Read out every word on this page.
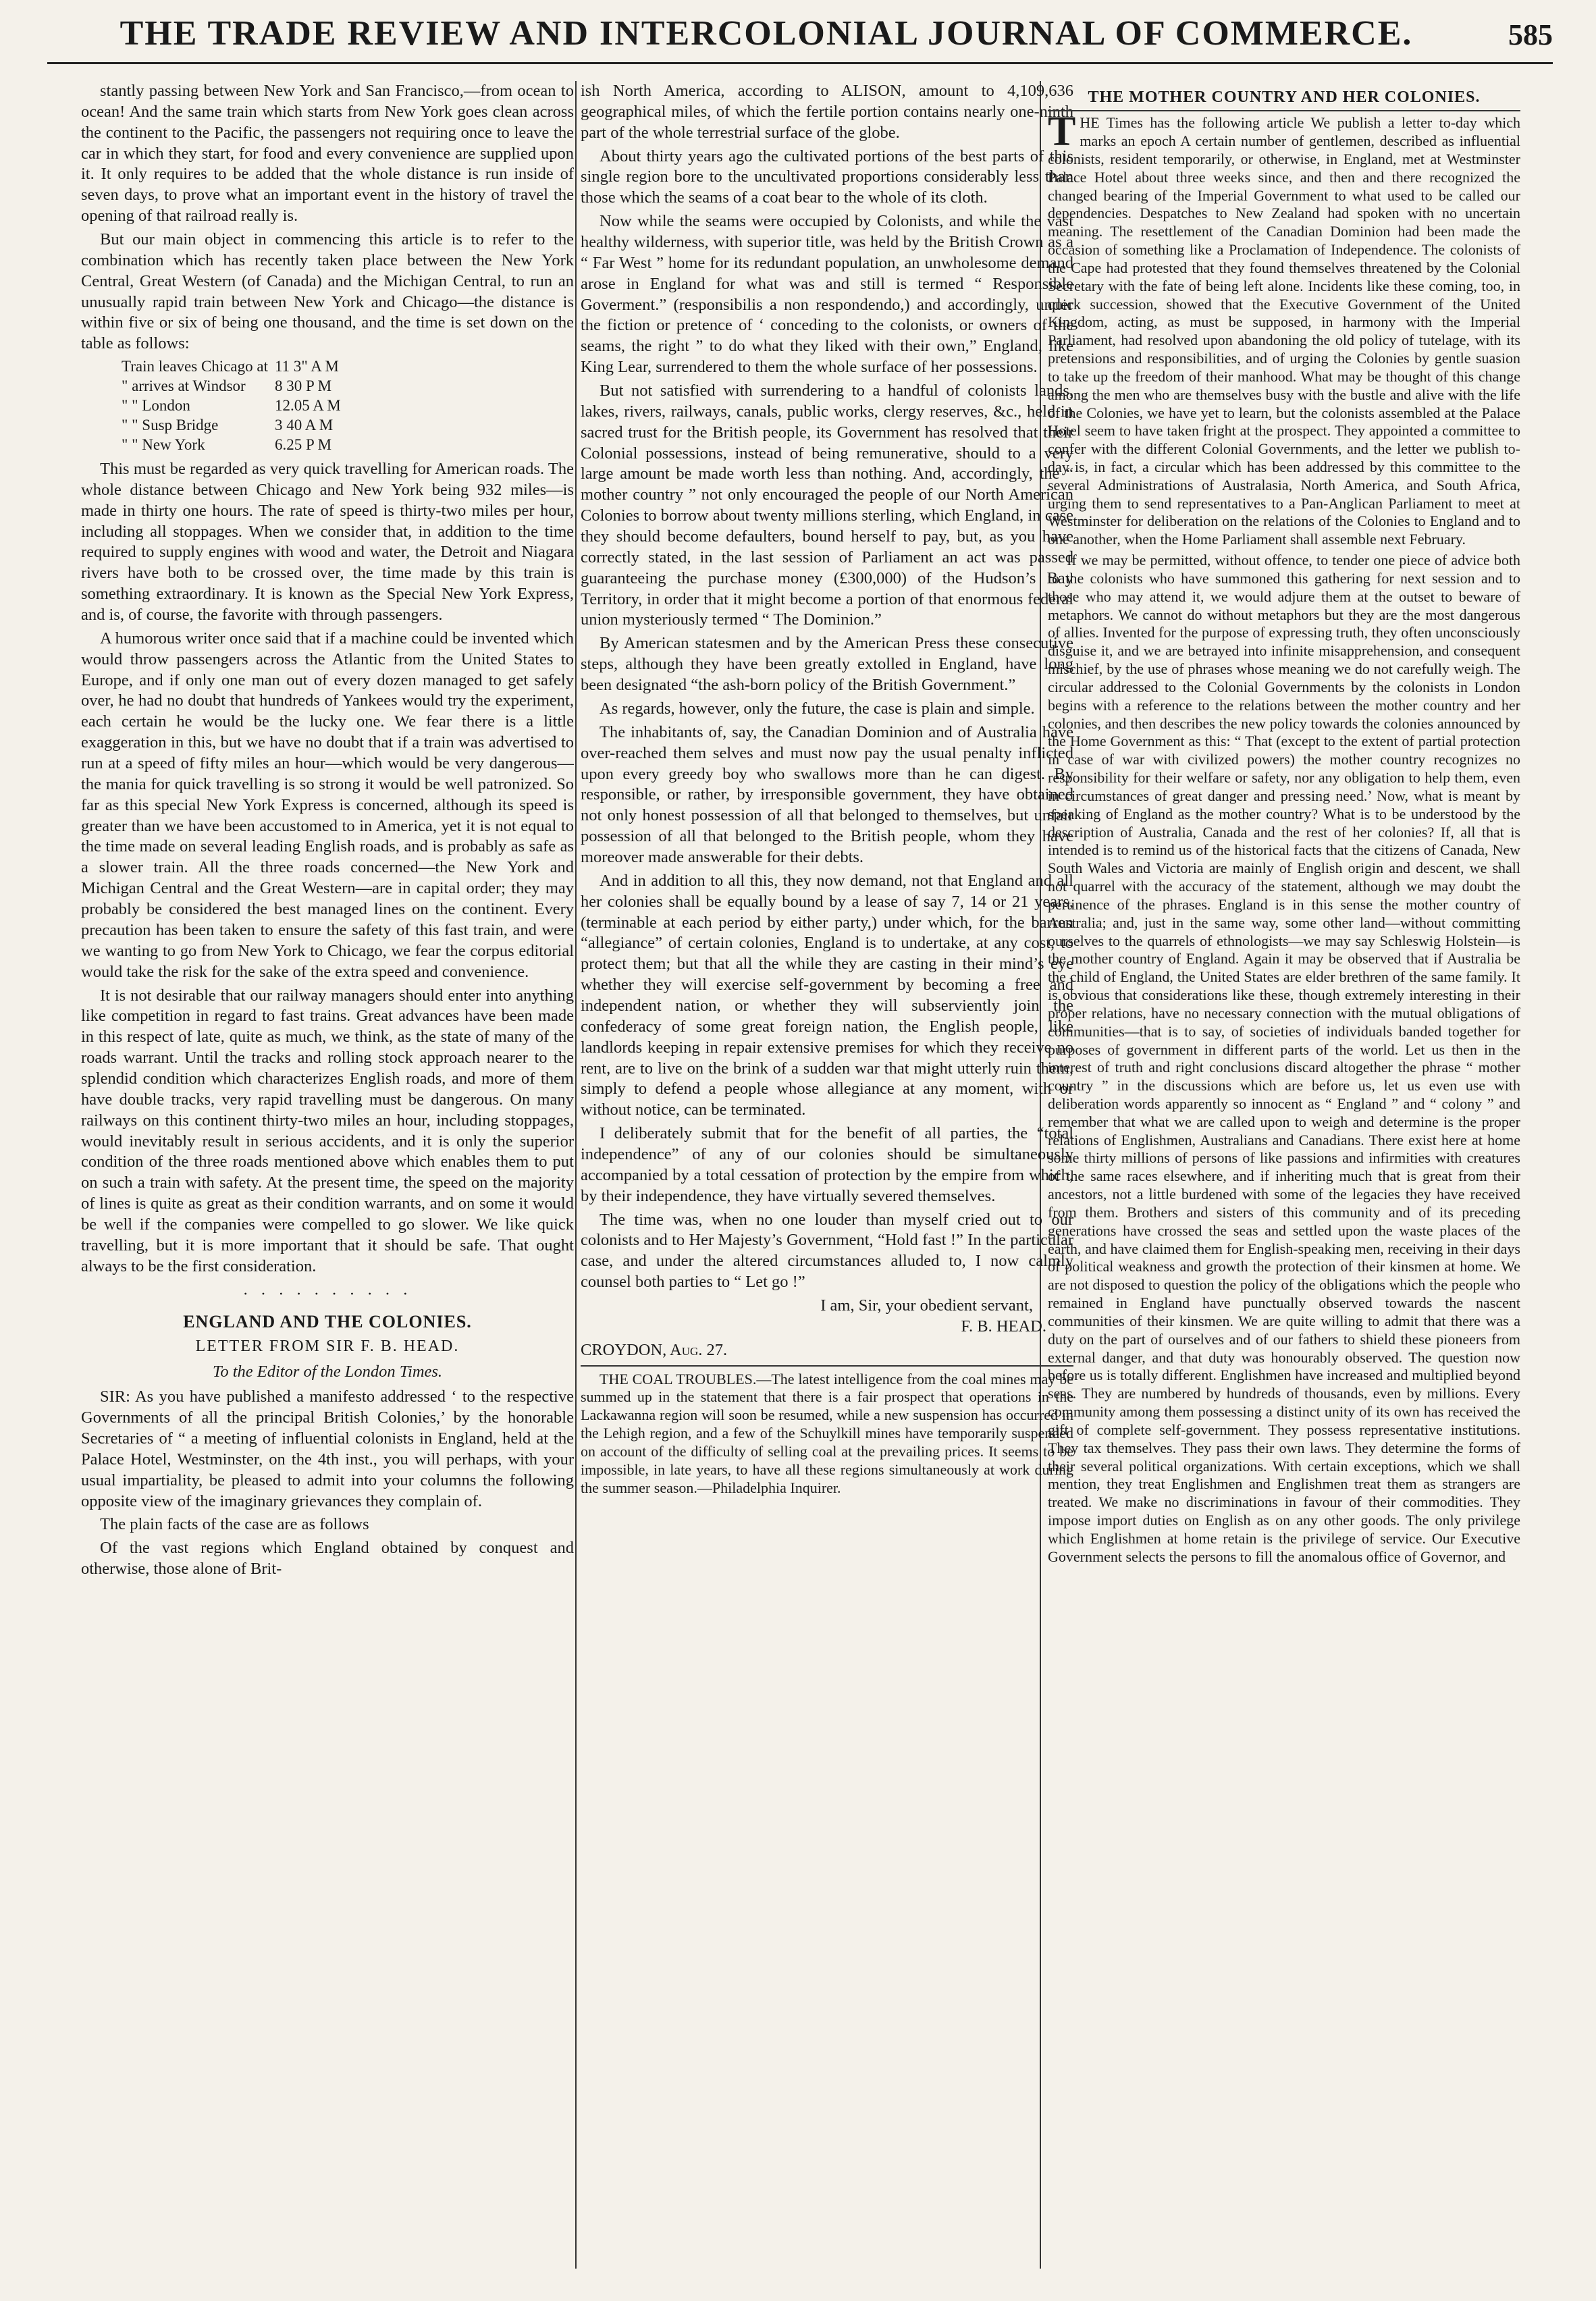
THE TRADE REVIEW AND INTERCOLONIAL JOURNAL OF COMMERCE.	585

stantly passing between New York and San Francisco,—from ocean to ocean! And the same train which starts from New York goes clean across the continent to the Pacific, the passengers not requiring once to leave the car in which they start, for food and every convenience are supplied upon it. It only requires to be added that the whole distance is run inside of seven days, to prove what an important event in the history of travel the opening of that railroad really is.

But our main object in commencing this article is to refer to the combination which has recently taken place between the New York Central, Great Western (of Canada) and the Michigan Central, to run an unusually rapid train between New York and Chicago—the distance is within five or six of being one thousand, and the time is set down on the table as follows:

Train leaves Chicago at	11 3" A M
" arrives at Windsor	8 30 P M
" " London	12.05 A M
" " Susp Bridge	3 40 A M
" " New York	6.25 P M

This must be regarded as very quick travelling for American roads. The whole distance between Chicago and New York being 932 miles—is made in thirty one hours. The rate of speed is thirty-two miles per hour, including all stoppages. When we consider that, in addition to the time required to supply engines with wood and water, the Detroit and Niagara rivers have both to be crossed over, the time made by this train is something extraordinary. It is known as the Special New York Express, and is, of course, the favorite with through passengers.

A humorous writer once said that if a machine could be invented which would throw passengers across the Atlantic from the United States to Europe, and if only one man out of every dozen managed to get safely over, he had no doubt that hundreds of Yankees would try the experiment, each certain he would be the lucky one. We fear there is a little exaggeration in this, but we have no doubt that if a train was advertised to run at a speed of fifty miles an hour—which would be very dangerous—the mania for quick travelling is so strong it would be well patronized. So far as this special New York Express is concerned, although its speed is greater than we have been accustomed to in America, yet it is not equal to the time made on several leading English roads, and is probably as safe as a slower train. All the three roads concerned—the New York and Michigan Central and the Great Western—are in capital order; they may probably be considered the best managed lines on the continent. Every precaution has been taken to ensure the safety of this fast train, and were we wanting to go from New York to Chicago, we fear the corpus editorial would take the risk for the sake of the extra speed and convenience.

It is not desirable that our railway managers should enter into anything like competition in regard to fast trains. Great advances have been made in this respect of late, quite as much, we think, as the state of many of the roads warrant. Until the tracks and rolling stock approach nearer to the splendid condition which characterizes English roads, and more of them have double tracks, very rapid travelling must be dangerous. On many railways on this continent thirty-two miles an hour, including stoppages, would inevitably result in serious accidents, and it is only the superior condition of the three roads mentioned above which enables them to put on such a train with safety. At the present time, the speed on the majority of lines is quite as great as their condition warrants, and on some it would be well if the companies were compelled to go slower. We like quick travelling, but it is more important that it should be safe. That ought always to be the first consideration.

· · · · · · · · · ·
ENGLAND AND THE COLONIES.
LETTER FROM SIR F. B. HEAD.
To the Editor of the London Times.

SIR: As you have published a manifesto addressed ‘ to the respective Governments of all the principal British Colonies,’ by the honorable Secretaries of “ a meeting of influential colonists in England, held at the Palace Hotel, Westminster, on the 4th inst., you will perhaps, with your usual impartiality, be pleased to admit into your columns the following opposite view of the imaginary grievances they complain of.

The plain facts of the case are as follows

Of the vast regions which England obtained by conquest and otherwise, those alone of Brit-

ish North America, according to ALISON, amount to 4,109,636 geographical miles, of which the fertile portion contains nearly one-ninth part of the whole terrestrial surface of the globe.

About thirty years ago the cultivated portions of the best parts of this single region bore to the uncultivated proportions considerably less than those which the seams of a coat bear to the whole of its cloth.

Now while the seams were occupied by Colonists, and while the vast healthy wilderness, with superior title, was held by the British Crown as a “ Far West ” home for its redundant population, an unwholesome demand arose in England for what was and still is termed “ Responsible Goverment.” (responsibilis a non respondendo,) and accordingly, under the fiction or pretence of ‘ conceding to the colonists, or owners of the seams, the right ” to do what they liked with their own,” England, like King Lear, surrendered to them the whole surface of her possessions.

But not satisfied with surrendering to a handful of colonists lands, lakes, rivers, railways, canals, public works, clergy reserves, &c., held in sacred trust for the British people, its Government has resolved that their Colonial possessions, instead of being remunerative, should to a very large amount be made worth less than nothing. And, accordingly, the “ mother country ” not only encouraged the people of our North American Colonies to borrow about twenty millions sterling, which England, in case they should become defaulters, bound herself to pay, but, as you have correctly stated, in the last session of Parliament an act was passed guaranteeing the purchase money (£300,000) of the Hudson’s Bay Territory, in order that it might become a portion of that enormous federal union mysteriously termed “ The Dominion.”

By American statesmen and by the American Press these consecutive steps, although they have been greatly extolled in England, have long been designated “the ash-born policy of the British Government.”

As regards, however, only the future, the case is plain and simple.

The inhabitants of, say, the Canadian Dominion and of Australia have over-reached them selves and must now pay the usual penalty inflicted upon every greedy boy who swallows more than he can digest. By responsible, or rather, by irresponsible government, they have obtained not only honest possession of all that belonged to themselves, but unfair possession of all that belonged to the British people, whom they have moreover made answerable for their debts.

And in addition to all this, they now demand, not that England and all her colonies shall be equally bound by a lease of say 7, 14 or 21 years, (terminable at each period by either party,) under which, for the barren “allegiance” of certain colonies, England is to undertake, at any cost, to protect them; but that all the while they are casting in their mind’s eye whether they will exercise self-government by becoming a free and independent nation, or whether they will subserviently join the confederacy of some great foreign nation, the English people, like landlords keeping in repair extensive premises for which they receive no rent, are to live on the brink of a sudden war that might utterly ruin them, simply to defend a people whose allegiance at any moment, with or without notice, can be terminated.

I deliberately submit that for the benefit of all parties, the “total independence” of any of our colonies should be simultaneously accompanied by a total cessation of protection by the empire from which, by their independence, they have virtually severed themselves.

The time was, when no one louder than myself cried out to our colonists and to Her Majesty’s Government, “Hold fast !” In the particular case, and under the altered circumstances alluded to, I now calmly counsel both parties to “ Let go !”

I am, Sir, your obedient servant,
F. B. HEAD.
CROYDON, Aug. 27.

THE COAL TROUBLES.—The latest intelligence from the coal mines may be summed up in the statement that there is a fair prospect that operations in the Lackawanna region will soon be resumed, while a new suspension has occurred in the Lehigh region, and a few of the Schuylkill mines have temporarily suspended on account of the difficulty of selling coal at the prevailing prices. It seems to be impossible, in late years, to have all these regions simultaneously at work during the summer season.—Philadelphia Inquirer.

THE MOTHER COUNTRY AND HER COLONIES.

THE Times has the following article We publish a letter to-day which marks an epoch A certain number of gentlemen, described as influential colonists, resident temporarily, or otherwise, in England, met at Westminster Palace Hotel about three weeks since, and then and there recognized the changed bearing of the Imperial Government to what used to be called our dependencies. Despatches to New Zealand had spoken with no uncertain meaning. The resettlement of the Canadian Dominion had been made the occasion of something like a Proclamation of Independence. The colonists of the Cape had protested that they found themselves threatened by the Colonial Secretary with the fate of being left alone. Incidents like these coming, too, in quick succession, showed that the Executive Government of the United Kingdom, acting, as must be supposed, in harmony with the Imperial Parliament, had resolved upon abandoning the old policy of tutelage, with its pretensions and responsibilities, and of urging the Colonies by gentle suasion to take up the freedom of their manhood. What may be thought of this change among the men who are themselves busy with the bustle and alive with the life of the Colonies, we have yet to learn, but the colonists assembled at the Palace Hotel seem to have taken fright at the prospect. They appointed a committee to confer with the different Colonial Governments, and the letter we publish to-day is, in fact, a circular which has been addressed by this committee to the several Administrations of Australasia, North America, and South Africa, urging them to send representatives to a Pan-Anglican Parliament to meet at Westminster for deliberation on the relations of the Colonies to England and to one another, when the Home Parliament shall assemble next February.

If we may be permitted, without offence, to tender one piece of advice both to the colonists who have summoned this gathering for next session and to those who may attend it, we would adjure them at the outset to beware of metaphors. We cannot do without metaphors but they are the most dangerous of allies. Invented for the purpose of expressing truth, they often unconsciously disguise it, and we are betrayed into infinite misapprehension, and consequent mischief, by the use of phrases whose meaning we do not carefully weigh. The circular addressed to the Colonial Governments by the colonists in London begins with a reference to the relations between the mother country and her colonies, and then describes the new policy towards the colonies announced by the Home Government as this: “ That (except to the extent of partial protection in case of war with civilized powers) the mother country recognizes no responsibility for their welfare or safety, nor any obligation to help them, even in circumstances of great danger and pressing need.’ Now, what is meant by speaking of England as the mother country? What is to be understood by the description of Australia, Canada and the rest of her colonies? If, all that is intended is to remind us of the historical facts that the citizens of Canada, New South Wales and Victoria are mainly of English origin and descent, we shall not quarrel with the accuracy of the statement, although we may doubt the pertinence of the phrases. England is in this sense the mother country of Australia; and, just in the same way, some other land—without committing ourselves to the quarrels of ethnologists—we may say Schleswig Holstein—is the mother country of England. Again it may be observed that if Australia be the child of England, the United States are elder brethren of the same family. It is obvious that considerations like these, though extremely interesting in their proper relations, have no necessary connection with the mutual obligations of communities—that is to say, of societies of individuals banded together for purposes of government in different parts of the world. Let us then in the interest of truth and right conclusions discard altogether the phrase “ mother country ” in the discussions which are before us, let us even use with deliberation words apparently so innocent as “ England ” and “ colony ” and remember that what we are called upon to weigh and determine is the proper relations of Englishmen, Australians and Canadians. There exist here at home some thirty millions of persons of like passions and infirmities with creatures of the same races elsewhere, and if inheriting much that is great from their ancestors, not a little burdened with some of the legacies they have received from them. Brothers and sisters of this community and of its preceding generations have crossed the seas and settled upon the waste places of the earth, and have claimed them for English-speaking men, receiving in their days of political weakness and growth the protection of their kinsmen at home. We are not disposed to question the policy of the obligations which the people who remained in England have punctually observed towards the nascent communities of their kinsmen. We are quite willing to admit that there was a duty on the part of ourselves and of our fathers to shield these pioneers from external danger, and that duty was honourably observed. The question now before us is totally different. Englishmen have increased and multiplied beyond seas. They are numbered by hundreds of thousands, even by millions. Every community among them possessing a distinct unity of its own has received the gift of complete self-government. They possess representative institutions. They tax themselves. They pass their own laws. They determine the forms of their several political organizations. With certain exceptions, which we shall mention, they treat Englishmen and Englishmen treat them as strangers are treated. We make no discriminations in favour of their commodities. They impose import duties on English as on any other goods. The only privilege which Englishmen at home retain is the privilege of service. Our Executive Government selects the persons to fill the anomalous office of Governor, and
